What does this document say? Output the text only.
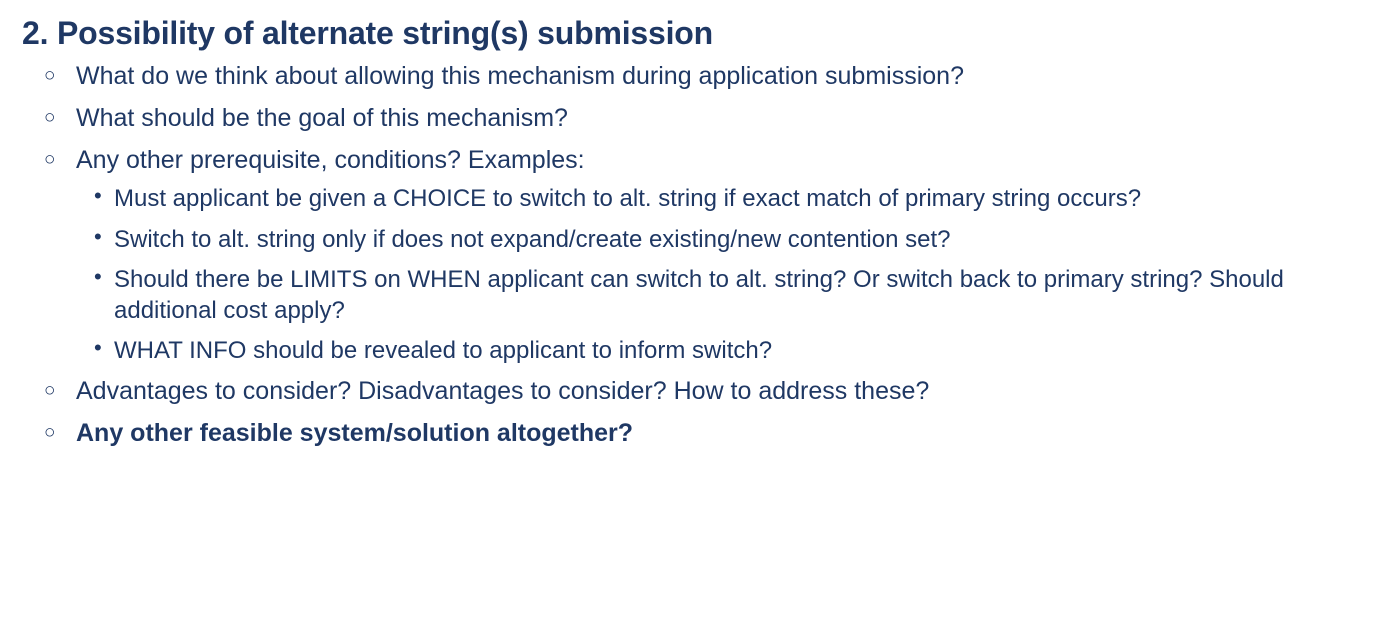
2. Possibility of alternate string(s) submission
○ What do we think about allowing this mechanism during application submission?
○ What should be the goal of this mechanism?
○ Any other prerequisite, conditions? Examples:
• Must applicant be given a CHOICE to switch to alt. string if exact match of primary string occurs?
• Switch to alt. string only if does not expand/create existing/new contention set?
• Should there be LIMITS on WHEN applicant can switch to alt. string? Or switch back to primary string? Should additional cost apply?
• WHAT INFO should be revealed to applicant to inform switch?
○ Advantages to consider? Disadvantages to consider? How to address these?
○ Any other feasible system/solution altogether?
